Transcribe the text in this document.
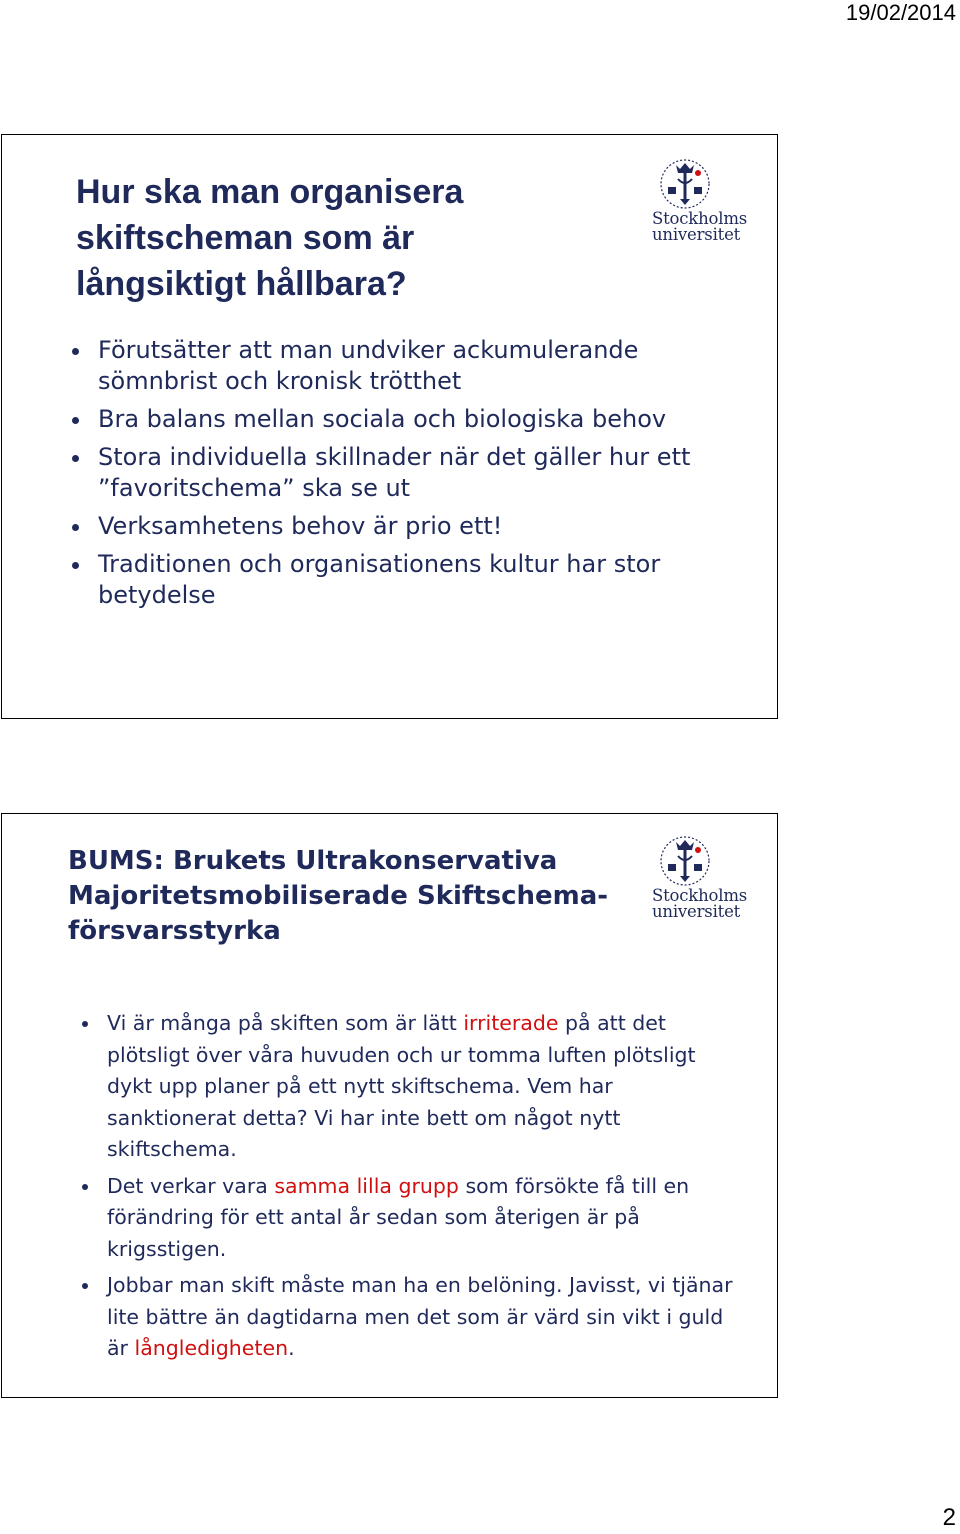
19/02/2014
Hur ska man organisera
skiftscheman som är
långsiktigt hållbara?
Stockholms
universitet
Förutsätter att man undviker ackumulerande sömnbrist och kronisk trötthet
Bra balans mellan sociala och biologiska behov
Stora individuella skillnader när det gäller hur ett ”favoritschema” ska se ut
Verksamhetens behov är prio ett!
Traditionen och organisationens kultur har stor betydelse
BUMS: Brukets Ultrakonservativa
Majoritetsmobiliserade Skiftschema-
försvarsstyrka
Stockholms
universitet
Vi är många på skiften som är lätt irriterade på att det plötsligt över våra huvuden och ur tomma luften plötsligt dykt upp planer på ett nytt skiftschema. Vem har sanktionerat detta? Vi har inte bett om något nytt skiftschema.
Det verkar vara samma lilla grupp som försökte få till en förändring för ett antal år sedan som återigen är på krigsstigen.
Jobbar man skift måste man ha en belöning. Javisst, vi tjänar lite bättre än dagtidarna men det som är värd sin vikt i guld är långledigheten.
2
